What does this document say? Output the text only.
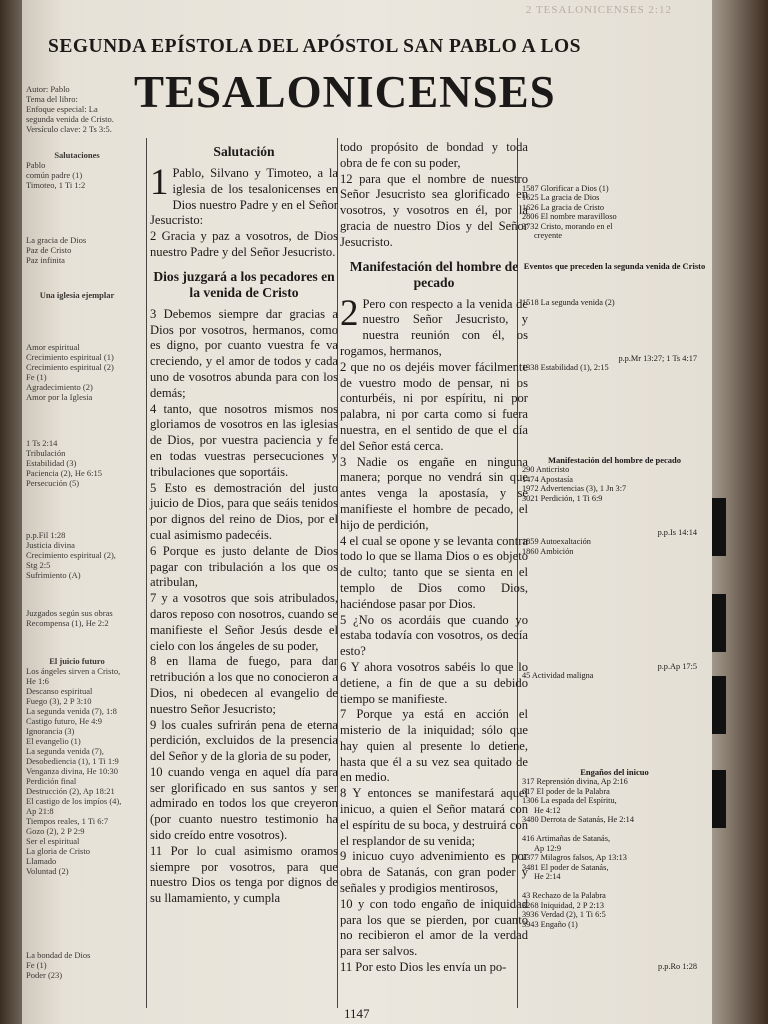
2 TESALONICENSES 2:12
SEGUNDA EPÍSTOLA DEL APÓSTOL SAN PABLO A LOS
TESALONICENSES
Autor: Pablo
Tema del libro:
Enfoque especial: La
segunda venida de Cristo.
Versículo clave: 2 Ts 3:5.
Salutaciones
Pablo
común padre (1)
Timoteo, 1 Ti 1:2
La gracia de Dios
Paz de Cristo
Paz infinita
Una iglesia ejemplar
Amor espiritual
Crecimiento espiritual (1)
Crecimiento espiritual (2)
Fe (1)
Agradecimiento (2)
Amor por la Iglesia
1 Ts 2:14
Tribulación
Estabilidad (3)
Paciencia (2), He 6:15
Persecución (5)
p.p.Fil 1:28
Justicia divina
Crecimiento espiritual (2), Stg 2:5
Sufrimiento (A)
Juzgados según sus obras
Recompensa (1), He 2:2
El juicio futuro
Los ángeles sirven a Cristo,
He 1:6
Descanso espiritual
Fuego (3), 2 P 3:10
La segunda venida (7), 1:8
Castigo futuro, He 4:9
Ignorancia (3)
El evangelio (1)
La segunda venida (7),
Desobediencia (1), 1 Ti 1:9
Venganza divina, He 10:30
Perdición final
Destrucción (2), Ap 18:21
El castigo de los impíos (4),
Ap 21:8
Tiempos reales, 1 Ti 6:7
Gozo (2), 2 P 2:9
Ser el espiritual
La gloria de Cristo
Llamado
Voluntad (2)
La bondad de Dios
Fe (1)
Poder (23)
Salutación

1 Pablo, Silvano y Timoteo, a la iglesia de los tesalonicenses en Dios nuestro Padre y en el Señor Jesucristo:

2 Gracia y paz a vosotros, de Dios nuestro Padre y del Señor Jesucristo.

Dios juzgará a los pecadores en la venida de Cristo

3 Debemos siempre dar gracias a Dios por vosotros, hermanos, como es digno, por cuanto vuestra fe va creciendo, y el amor de todos y cada uno de vosotros abunda para con los demás;

4 tanto, que nosotros mismos nos gloriamos de vosotros en las iglesias de Dios, por vuestra paciencia y fe en todas vuestras persecuciones y tribulaciones que soportáis.

5 Esto es demostración del justo juicio de Dios, para que seáis tenidos por dignos del reino de Dios, por el cual asimismo padecéis.

6 Porque es justo delante de Dios pagar con tribulación a los que os atribulan,

7 y a vosotros que sois atribulados, daros reposo con nosotros, cuando se manifieste el Señor Jesús desde el cielo con los ángeles de su poder,

8 en llama de fuego, para dar retribución a los que no conocieron a Dios, ni obedecen al evangelio de nuestro Señor Jesucristo;

9 los cuales sufrirán pena de eterna perdición, excluidos de la presencia del Señor y de la gloria de su poder,

10 cuando venga en aquel día para ser glorificado en sus santos y ser admirado en todos los que creyeron (por cuanto nuestro testimonio ha sido creído entre vosotros).

11 Por lo cual asimismo oramos siempre por vosotros, para que nuestro Dios os tenga por dignos de su llamamiento, y cumpla

todo propósito de bondad y toda obra de fe con su poder,

12 para que el nombre de nuestro Señor Jesucristo sea glorificado en vosotros, y vosotros en él, por la gracia de nuestro Dios y del Señor Jesucristo.

Manifestación del hombre de pecado

2 Pero con respecto a la venida de nuestro Señor Jesucristo, y nuestra reunión con él, os rogamos, hermanos,

2 que no os dejéis mover fácilmente de vuestro modo de pensar, ni os conturbéis, ni por espíritu, ni por palabra, ni por carta como si fuera nuestra, en el sentido de que el día del Señor está cerca.

3 Nadie os engañe en ninguna manera; porque no vendrá sin que antes venga la apostasía, y se manifieste el hombre de pecado, el hijo de perdición,

4 el cual se opone y se levanta contra todo lo que se llama Dios o es objeto de culto; tanto que se sienta en el templo de Dios como Dios, haciéndose pasar por Dios.

5 ¿No os acordáis que cuando yo estaba todavía con vosotros, os decía esto?

6 Y ahora vosotros sabéis lo que lo detiene, a fin de que a su debido tiempo se manifieste.

7 Porque ya está en acción el misterio de la iniquidad; sólo que hay quien al presente lo detiene, hasta que él a su vez sea quitado de en medio.

8 Y entonces se manifestará aquel inicuo, a quien el Señor matará con el espíritu de su boca, y destruirá con el resplandor de su venida;

9 inicuo cuyo advenimiento es por obra de Satanás, con gran poder y señales y prodigios mentirosos,

10 y con todo engaño de iniquidad para los que se pierden, por cuanto no recibieron el amor de la verdad para ser salvos.

11 Por esto Dios les envía un po-

1587 Glorificar a Dios (1)
1625 La gracia de Dios
1626 La gracia de Cristo
2806 El nombre maravilloso
3732 Cristo, morando en el
creyente
Eventos que preceden la segunda venida de Cristo
1518 La segunda venida (2)
p.p.Mr 13:27; 1 Ts 4:17
1338 Estabilidad (1), 2:15
Manifestación del hombre de pecado
290 Anticristo
1474 Apostasía
1972 Advertencias (3), 1 Jn 3:7
3021 Perdición, 1 Ti 6:9
p.p.Is 14:14
1859 Autoexaltación
1860 Ambición
p.p.Ap 17:5
45 Actividad maligna
Engaños del inicuo
317 Reprensión divina, Ap 2:16
617 El poder de la Palabra
1306 La espada del Espíritu,
He 4:12
3480 Derrota de Satanás, He 2:14
416 Artimañas de Satanás,
Ap 12:9
2377 Milagros falsos, Ap 13:13
3481 El poder de Satanás,
He 2:14
43 Rechazo de la Palabra
3268 Iniquidad, 2 P 2:13
3936 Verdad (2), 1 Ti 6:5
3943 Engaño (1)
p.p.Ro 1:28
1147
